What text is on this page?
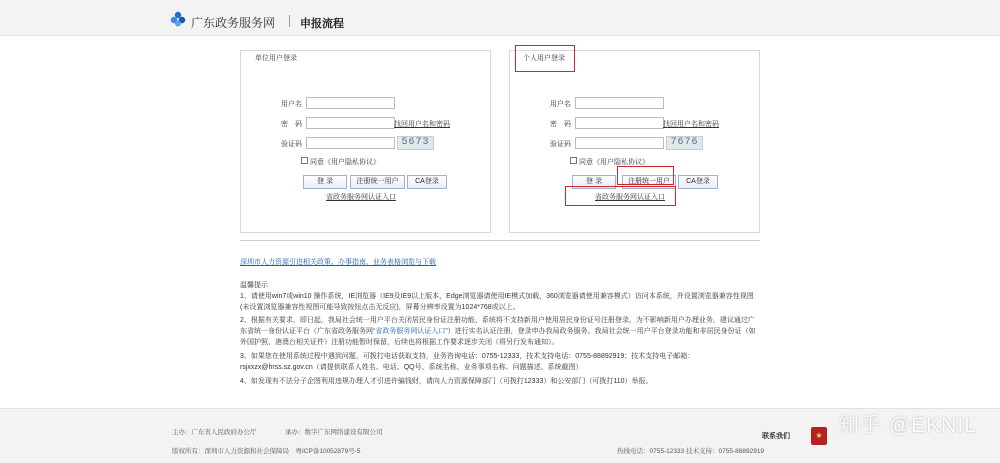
广东政务服务网 申报流程
单位用户登录
用户名
密　码	找回用户名和密码
验证码	5673
同意《用户隐私协议》
登 录	注册统一用户	CA登录
省政务服务网认证入口
个人用户登录
用户名
密　码	找回用户名和密码
验证码	7676
同意《用户隐私协议》
登 录	注册统一用户	CA登录
省政务服务网认证入口
深圳市人力资源引进相关政策、办事指南、业务表格浏览与下载
温馨提示
1、请使用win7或win10 操作系统，IE浏览器（IE9及IE9以上版本，Edge浏览器请使用IE模式加载，360浏览器请使用兼容模式）访问本系统，并设置浏览器兼容性视图(未设置浏览器兼容性视图可能导致按钮点击无反应)，屏幕分辨率设置为1024*768或以上。
2、根据有关要求，即日起，我局社会统一用户平台关闭居民身份证注册功能，系统将不支持新用户使用居民身份证号注册登录。为不影响新用户办理业务，建议通过广东省统一身份认证平台（广东省政务服务网“省政务服务网认证入口”）进行实名认证注册，登录申办我局政务服务。我局社会统一用户平台登录功能和非居民身份证（如外国护照、港澳台相关证件）注册功能暂时保留，后续也将根据工作要求逐步关闭（将另行发布通知）。
3、如果您在使用系统过程中遇到问题，可拨打电话获取支持，业务咨询电话：0755-12333，技术支持电话：0755-88892919；技术支持电子邮箱：rsjxxzx@hrss.sz.gov.cn（请提供联系人姓名、电话、QQ号、系统名称、业务事项名称、问题描述、系统截图）
4、如发现有不法分子企图利用违规办理人才引进许骗钱财，请向人力资源保障部门（可拨打12333）和公安部门（可拨打110）举报。
主办：广东省人民政府办公厅	承办：数字广东网络建设有限公司
版权所有：深圳市人力资源和社会保障局　粤ICP备10052879号-5
联系我们	★
热线电话：0755-12333 技术支持：0755-88892919
知乎 @EKNIL
